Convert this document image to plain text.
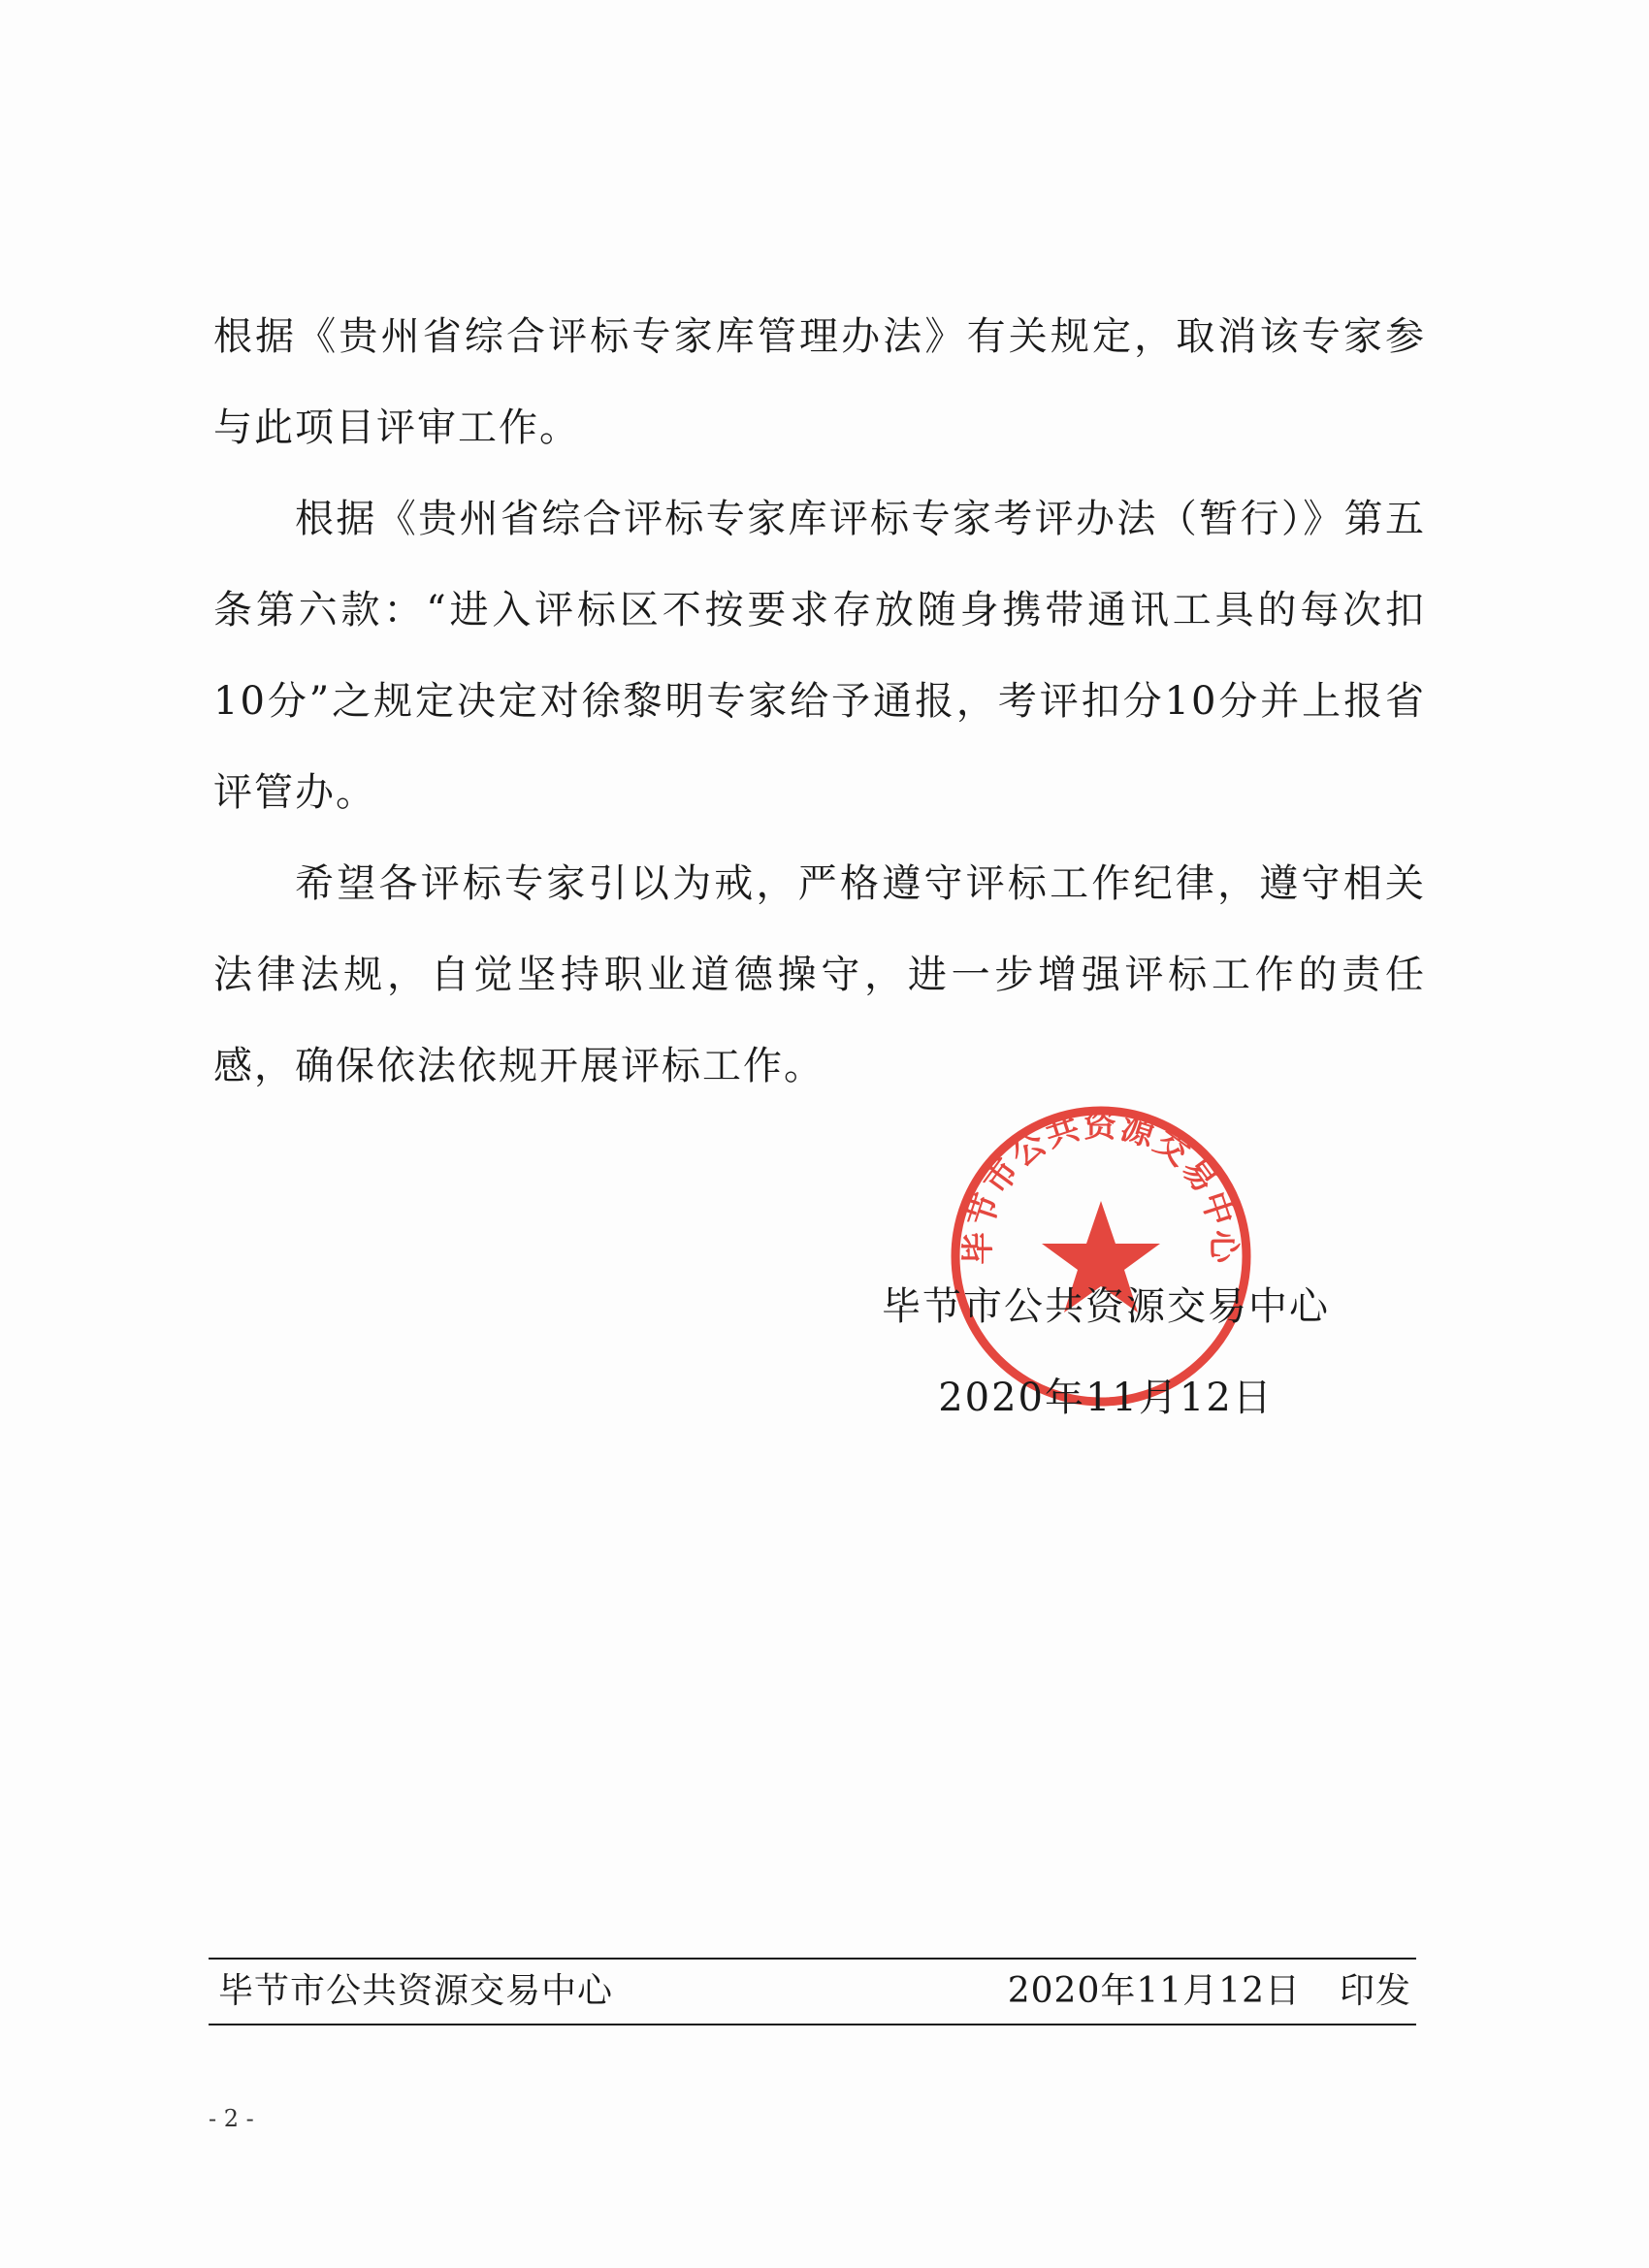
根据《贵州省综合评标专家库管理办法》有关规定，取消该专家参与此项目评审工作。

根据《贵州省综合评标专家库评标专家考评办法（暂行）》第五条第六款：“进入评标区不按要求存放随身携带通讯工具的每次扣10分”之规定决定对徐黎明专家给予通报，考评扣分10分并上报省评管办。

希望各评标专家引以为戒，严格遵守评标工作纪律，遵守相关法律法规，自觉坚持职业道德操守，进一步增强评标工作的责任感，确保依法依规开展评标工作。

毕节市公共资源交易中心
毕节市公共资源交易中心
2020年11月12日
毕节市公共资源交易中心	2020年11月12日 印发
- 2 -
